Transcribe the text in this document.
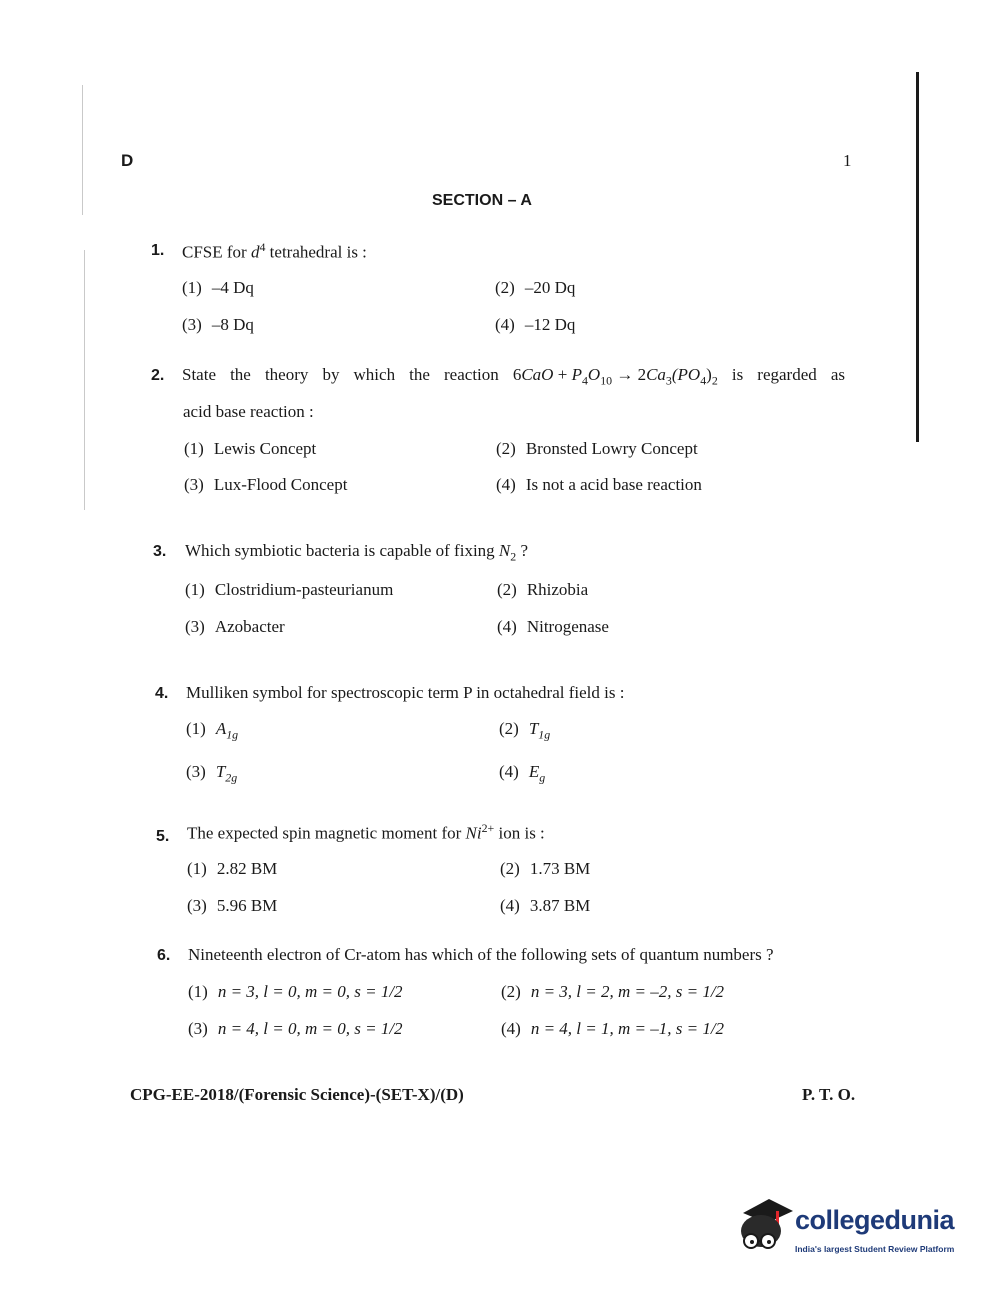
D	1
SECTION – A
1. CFSE for $d^4$ tetrahedral is :
(1) –4 Dq	(2) –20 Dq
(3) –8 Dq	(4) –12 Dq
2. State the theory by which the reaction $6CaO + P_4O_{10} \to 2Ca_3(PO_4)_2$ is regarded as
acid base reaction :
(1) Lewis Concept	(2) Bronsted Lowry Concept
(3) Lux-Flood Concept	(4) Is not a acid base reaction
3. Which symbiotic bacteria is capable of fixing $N_2$ ?
(1) Clostridium-pasteurianum	(2) Rhizobia
(3) Azobacter	(4) Nitrogenase
4. Mulliken symbol for spectroscopic term P in octahedral field is :
(1) $A_{1g}$	(2) $T_{1g}$
(3) $T_{2g}$	(4) $E_g$
5. The expected spin magnetic moment for $Ni^{2+}$ ion is :
(1) 2.82 BM	(2) 1.73 BM
(3) 5.96 BM	(4) 3.87 BM
6. Nineteenth electron of Cr-atom has which of the following sets of quantum numbers ?
(1) n = 3, l = 0, m = 0, s = 1/2	(2) n = 3, l = 2, m = –2, s = 1/2
(3) n = 4, l = 0, m = 0, s = 1/2	(4) n = 4, l = 1, m = –1, s = 1/2
CPG-EE-2018/(Forensic Science)-(SET-X)/(D)	P. T. O.
collegedunia
India's largest Student Review Platform
